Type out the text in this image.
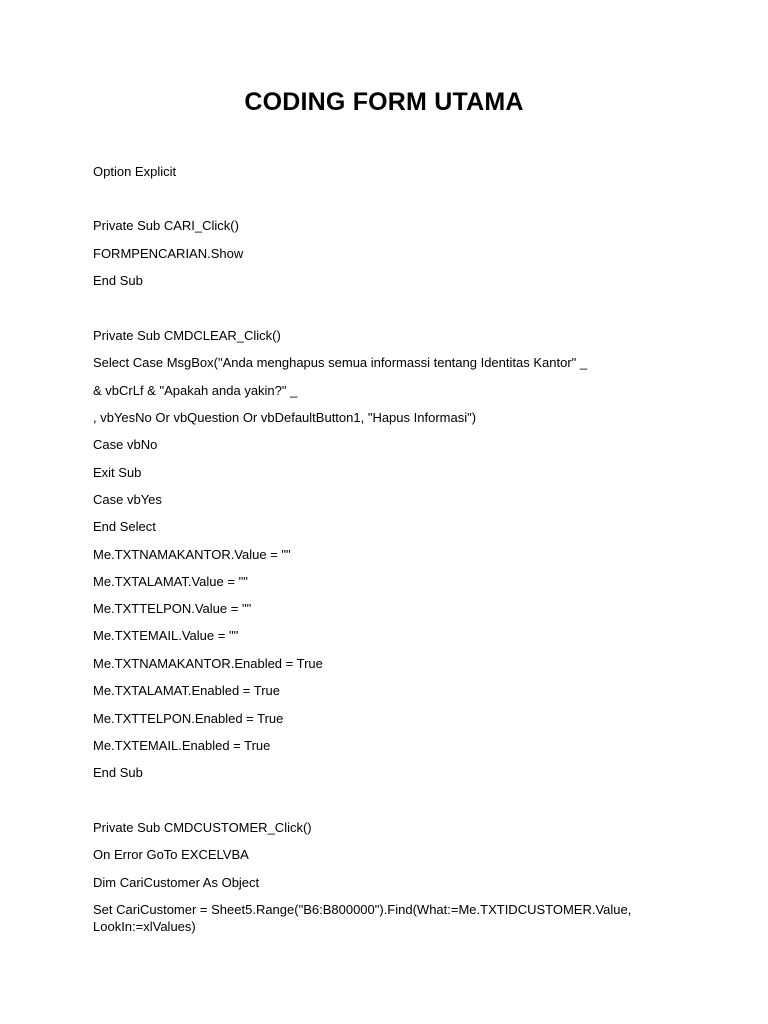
CODING FORM UTAMA
Option Explicit
Private Sub CARI_Click()
FORMPENCARIAN.Show
End Sub
Private Sub CMDCLEAR_Click()
Select Case MsgBox("Anda menghapus semua informassi tentang Identitas Kantor" _
& vbCrLf & "Apakah anda yakin?" _
, vbYesNo Or vbQuestion Or vbDefaultButton1, "Hapus Informasi")
Case vbNo
Exit Sub
Case vbYes
End Select
Me.TXTNAMAKANTOR.Value = ""
Me.TXTALAMAT.Value = ""
Me.TXTTELPON.Value = ""
Me.TXTEMAIL.Value = ""
Me.TXTNAMAKANTOR.Enabled = True
Me.TXTALAMAT.Enabled = True
Me.TXTTELPON.Enabled = True
Me.TXTEMAIL.Enabled = True
End Sub
Private Sub CMDCUSTOMER_Click()
On Error GoTo EXCELVBA
Dim CariCustomer As Object
Set CariCustomer = Sheet5.Range("B6:B800000").Find(What:=Me.TXTIDCUSTOMER.Value, LookIn:=xlValues)
